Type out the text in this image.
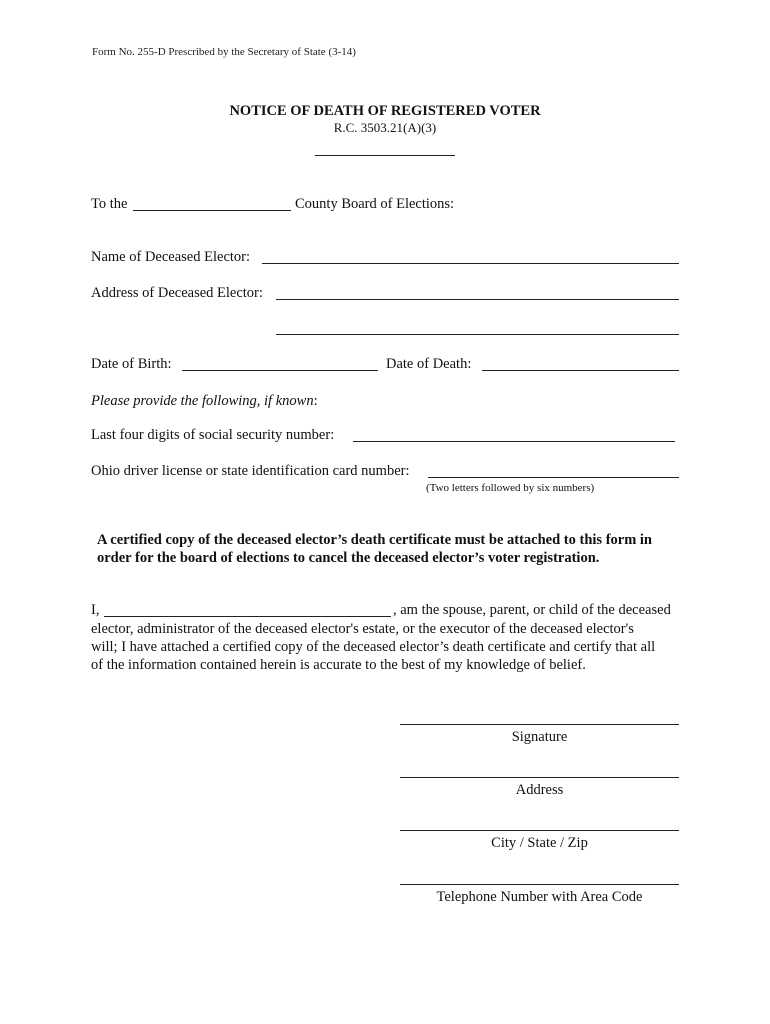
Form No. 255-D Prescribed by the Secretary of State (3-14)
NOTICE OF DEATH OF REGISTERED VOTER
R.C. 3503.21(A)(3)
To the	County Board of Elections:
Name of Deceased Elector:
Address of Deceased Elector:
Date of Birth:	Date of Death:
Please provide the following, if known:
Last four digits of social security number:
Ohio driver license or state identification card number:
(Two letters followed by six numbers)
A certified copy of the deceased elector’s death certificate must be attached to this form in
order for the board of elections to cancel the deceased elector’s voter registration.
I,	, am the spouse, parent, or child of the deceased
elector, administrator of the deceased elector's estate, or the executor of the deceased elector's
will; I have attached a certified copy of the deceased elector’s death certificate and certify that all
of the information contained herein is accurate to the best of my knowledge of belief.
Signature
Address
City / State / Zip
Telephone Number with Area Code
